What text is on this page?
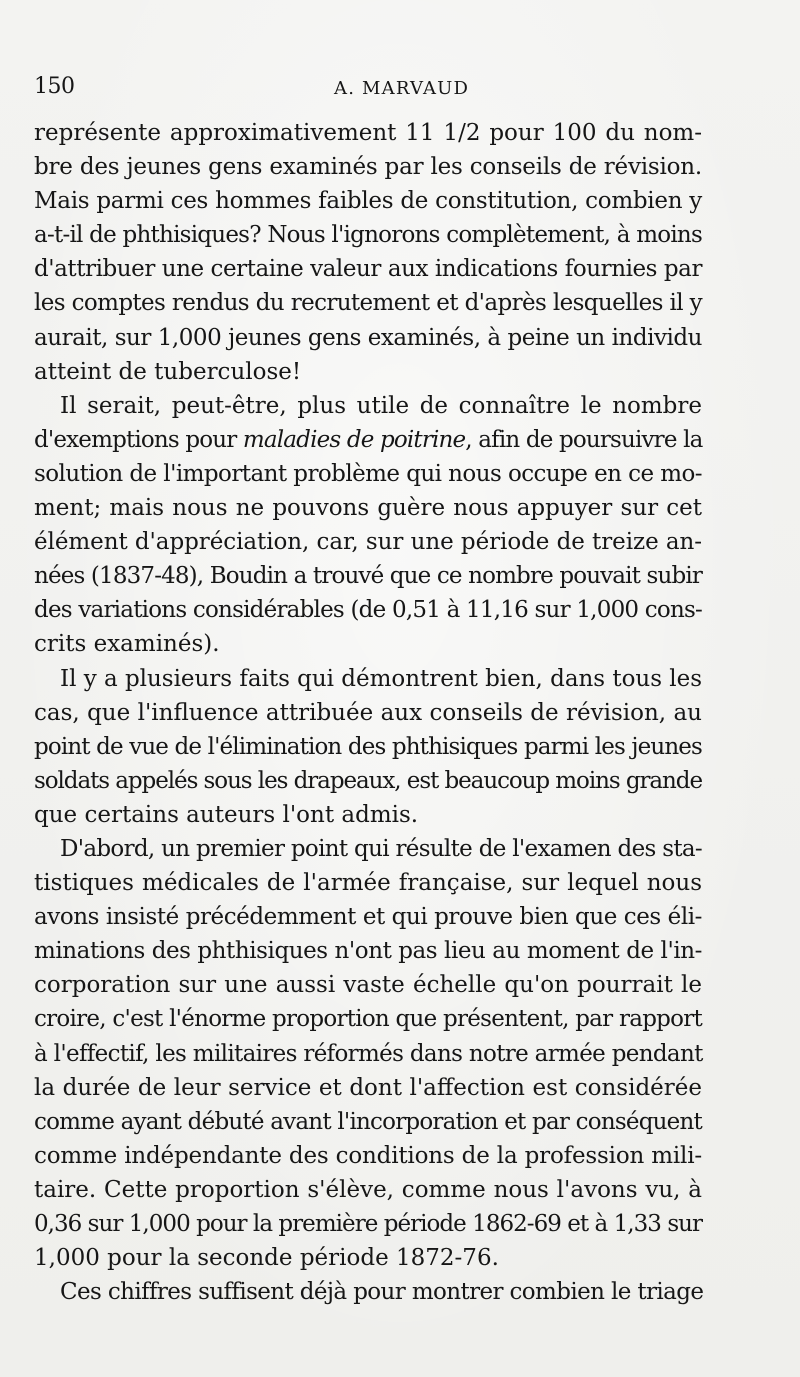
150	A. MARVAUD

représente approximativement 11 1/2 pour 100 du nom-
bre des jeunes gens examinés par les conseils de révision.
Mais parmi ces hommes faibles de constitution, combien y
a-t-il de phthisiques? Nous l'ignorons complètement, à moins
d'attribuer une certaine valeur aux indications fournies par
les comptes rendus du recrutement et d'après lesquelles il y
aurait, sur 1,000 jeunes gens examinés, à peine un individu
atteint de tuberculose!

Il serait, peut-être, plus utile de connaître le nombre
d'exemptions pour maladies de poitrine, afin de poursuivre la
solution de l'important problème qui nous occupe en ce mo-
ment; mais nous ne pouvons guère nous appuyer sur cet
élément d'appréciation, car, sur une période de treize an-
nées (1837-48), Boudin a trouvé que ce nombre pouvait subir
des variations considérables (de 0,51 à 11,16 sur 1,000 cons-
crits examinés).

Il y a plusieurs faits qui démontrent bien, dans tous les
cas, que l'influence attribuée aux conseils de révision, au
point de vue de l'élimination des phthisiques parmi les jeunes
soldats appelés sous les drapeaux, est beaucoup moins grande
que certains auteurs l'ont admis.

D'abord, un premier point qui résulte de l'examen des sta-
tistiques médicales de l'armée française, sur lequel nous
avons insisté précédemment et qui prouve bien que ces éli-
minations des phthisiques n'ont pas lieu au moment de l'in-
corporation sur une aussi vaste échelle qu'on pourrait le
croire, c'est l'énorme proportion que présentent, par rapport
à l'effectif, les militaires réformés dans notre armée pendant
la durée de leur service et dont l'affection est considérée
comme ayant débuté avant l'incorporation et par conséquent
comme indépendante des conditions de la profession mili-
taire. Cette proportion s'élève, comme nous l'avons vu, à
0,36 sur 1,000 pour la première période 1862-69 et à 1,33 sur
1,000 pour la seconde période 1872-76.

Ces chiffres suffisent déjà pour montrer combien le triage
